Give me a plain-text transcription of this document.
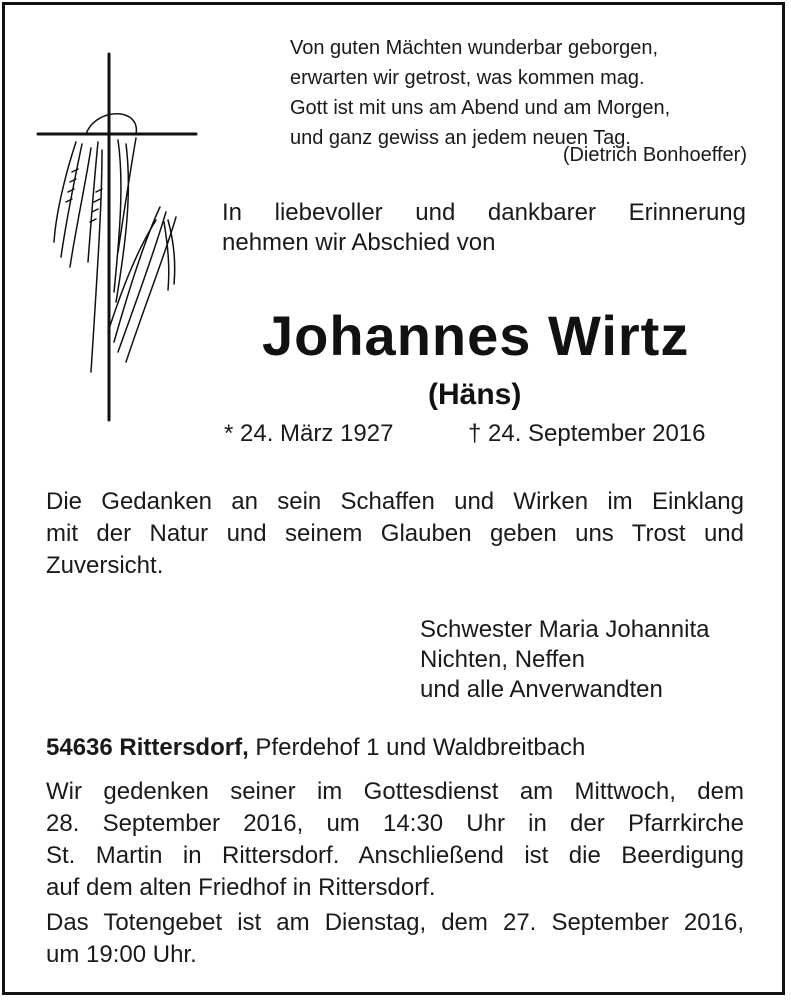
Von guten Mächten wunderbar geborgen,
erwarten wir getrost, was kommen mag.
Gott ist mit uns am Abend und am Morgen,
und ganz gewiss an jedem neuen Tag.
(Dietrich Bonhoeffer)
In liebevoller und dankbarer Erinnerung
nehmen wir Abschied von
Johannes Wirtz
(Häns)
* 24. März 1927	† 24. September 2016
Die Gedanken an sein Schaffen und Wirken im Einklang
mit der Natur und seinem Glauben geben uns Trost und
Zuversicht.
Schwester Maria Johannita
Nichten, Neffen
und alle Anverwandten
54636 Rittersdorf, Pferdehof 1 und Waldbreitbach
Wir gedenken seiner im Gottesdienst am Mittwoch, dem
28. September 2016, um 14:30 Uhr in der Pfarrkirche
St. Martin in Rittersdorf. Anschließend ist die Beerdigung
auf dem alten Friedhof in Rittersdorf.
Das Totengebet ist am Dienstag, dem 27. September 2016,
um 19:00 Uhr.
